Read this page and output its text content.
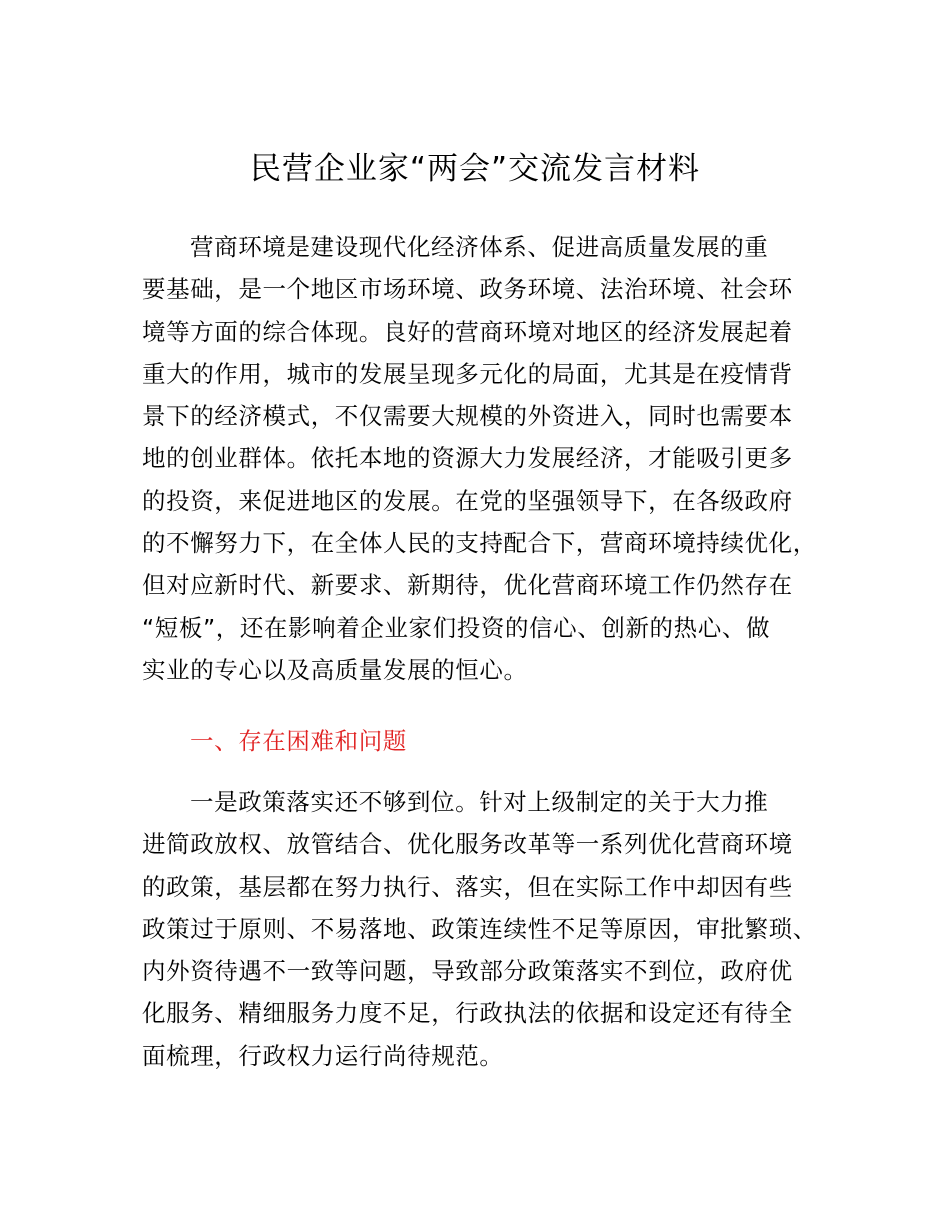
民营企业家“两会”交流发言材料
营商环境是建设现代化经济体系、促进高质量发展的重
要基础，是一个地区市场环境、政务环境、法治环境、社会环
境等方面的综合体现。良好的营商环境对地区的经济发展起着
重大的作用，城市的发展呈现多元化的局面，尤其是在疫情背
景下的经济模式，不仅需要大规模的外资进入，同时也需要本
地的创业群体。依托本地的资源大力发展经济，才能吸引更多
的投资，来促进地区的发展。在党的坚强领导下，在各级政府
的不懈努力下，在全体人民的支持配合下，营商环境持续优化，
但对应新时代、新要求、新期待，优化营商环境工作仍然存在
“短板”，还在影响着企业家们投资的信心、创新的热心、做
实业的专心以及高质量发展的恒心。
一、存在困难和问题
一是政策落实还不够到位。针对上级制定的关于大力推
进简政放权、放管结合、优化服务改革等一系列优化营商环境
的政策，基层都在努力执行、落实，但在实际工作中却因有些
政策过于原则、不易落地、政策连续性不足等原因，审批繁琐、
内外资待遇不一致等问题，导致部分政策落实不到位，政府优
化服务、精细服务力度不足，行政执法的依据和设定还有待全
面梳理，行政权力运行尚待规范。
